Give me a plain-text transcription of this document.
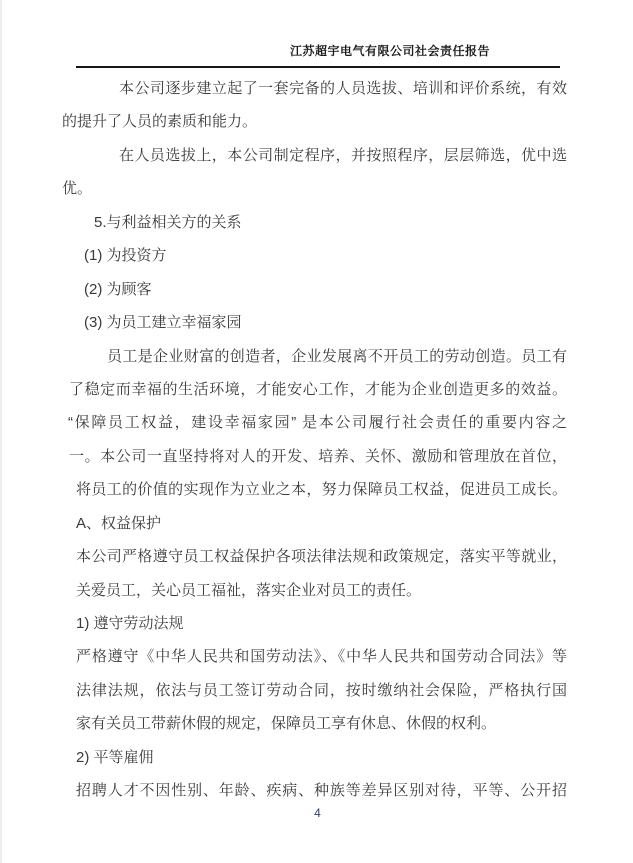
江苏超宇电气有限公司社会责任报告
本公司逐步建立起了一套完备的人员选拔、培训和评价系统，有效
的提升了人员的素质和能力。
在人员选拔上，本公司制定程序，并按照程序，层层筛选，优中选
优。
5.与利益相关方的关系
(1) 为投资方
(2) 为顾客
(3) 为员工建立幸福家园
员工是企业财富的创造者，企业发展离不开员工的劳动创造。员工有
了稳定而幸福的生活环境，才能安心工作，才能为企业创造更多的效益。
“保障员工权益，建设幸福家园” 是本公司履行社会责任的重要内容之
一。本公司一直坚持将对人的开发、培养、关怀、激励和管理放在首位，
将员工的价值的实现作为立业之本，努力保障员工权益，促进员工成长。
A、权益保护
本公司严格遵守员工权益保护各项法律法规和政策规定，落实平等就业，
关爱员工，关心员工福祉，落实企业对员工的责任。
1) 遵守劳动法规
严格遵守《中华人民共和国劳动法》、《中华人民共和国劳动合同法》等
法律法规，依法与员工签订劳动合同，按时缴纳社会保险，严格执行国
家有关员工带薪休假的规定，保障员工享有休息、休假的权利。
2) 平等雇佣
招聘人才不因性别、年龄、疾病、种族等差异区别对待，平等、公开招
4
